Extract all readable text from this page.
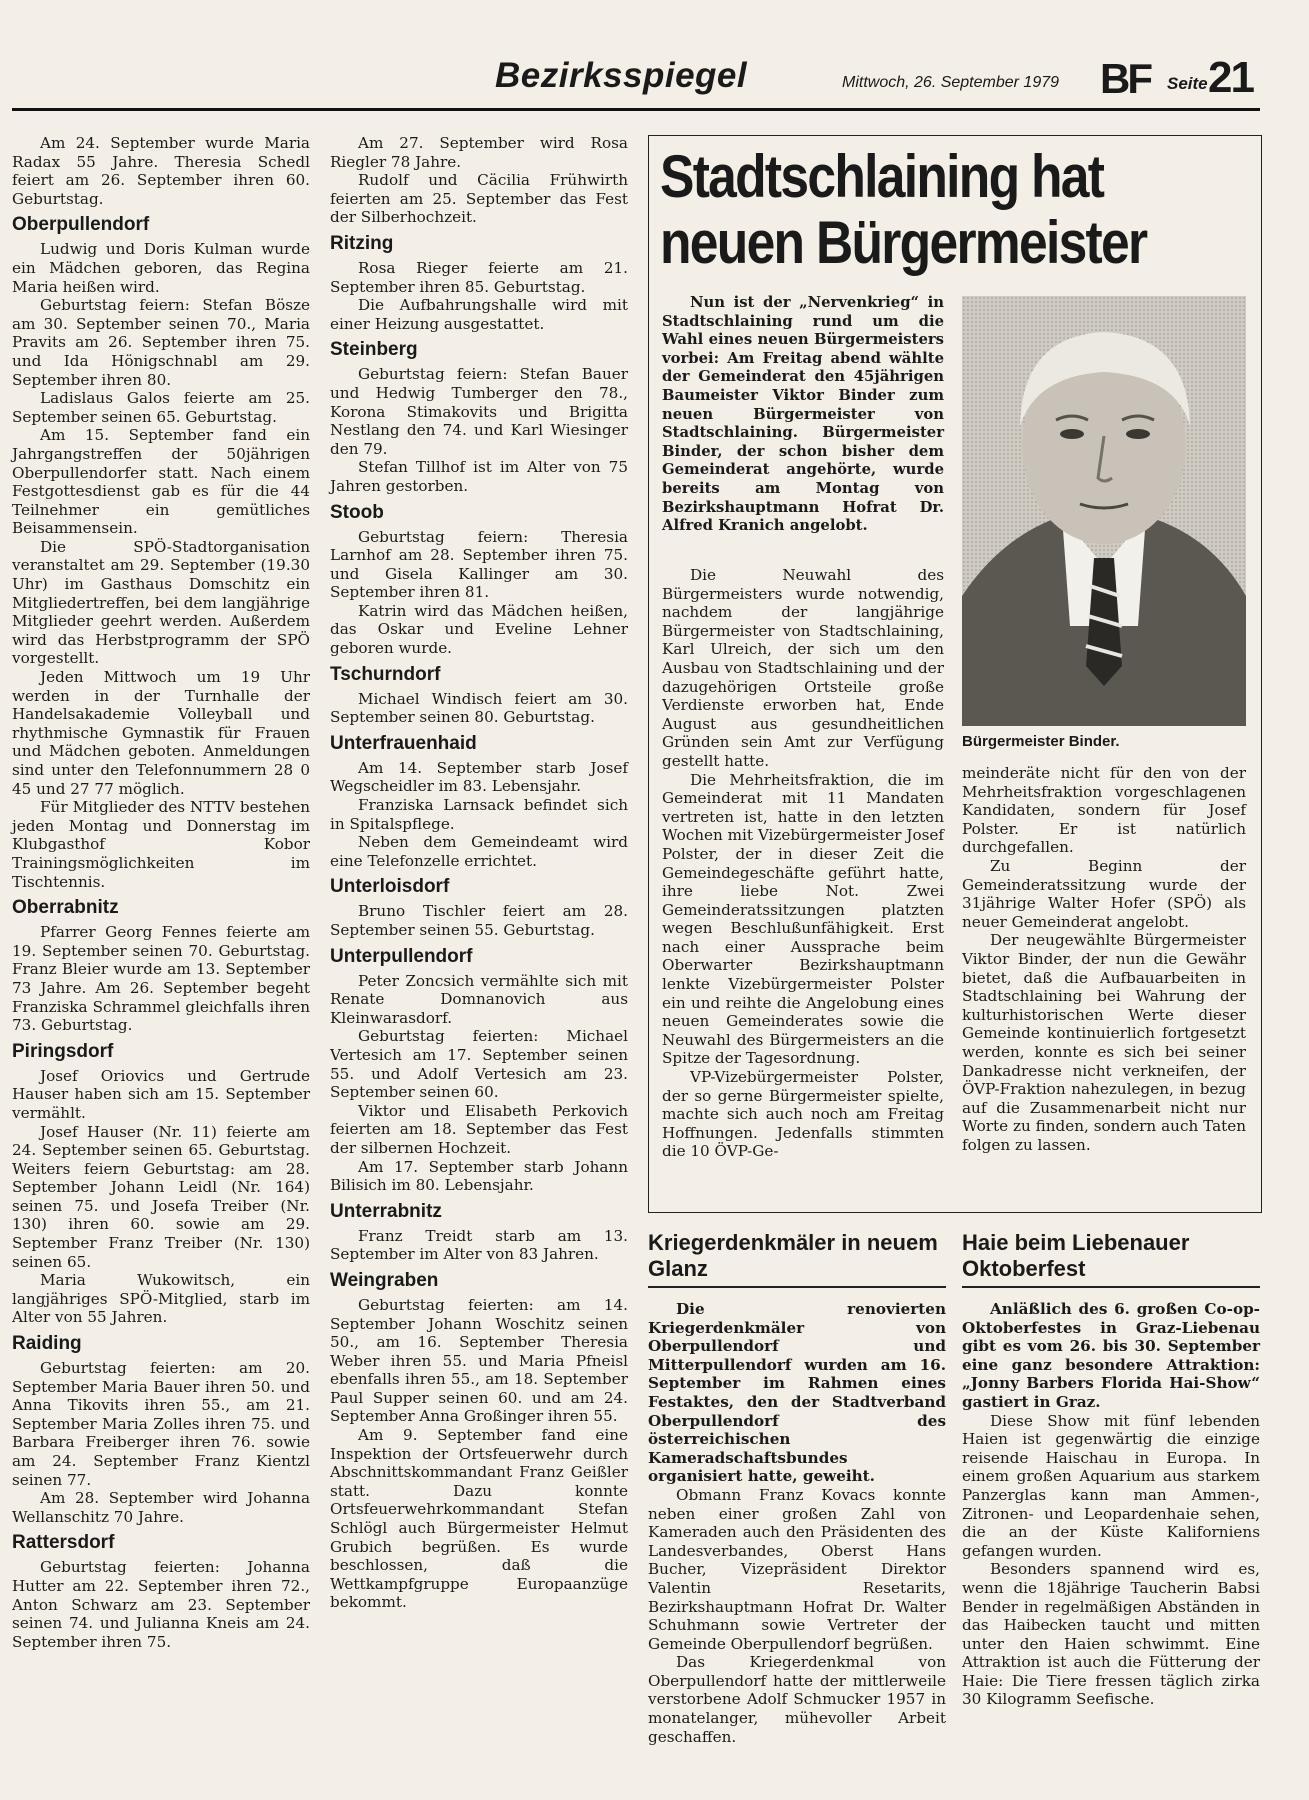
Bezirksspiegel	Mittwoch, 26. September 1979 BF Seite 21

Am 24. September wurde Maria Radax 55 Jahre. Theresia Schedl feiert am 26. September ihren 60. Geburtstag.

Oberpullendorf

Ludwig und Doris Kulman wurde ein Mädchen geboren, das Regina Maria heißen wird.

Geburtstag feiern: Stefan Bösze am 30. September seinen 70., Maria Pravits am 26. September ihren 75. und Ida Hönigschnabl am 29. September ihren 80.

Ladislaus Galos feierte am 25. September seinen 65. Geburtstag.

Am 15. September fand ein Jahrgangstreffen der 50jährigen Oberpullendorfer statt. Nach einem Festgottesdienst gab es für die 44 Teilnehmer ein gemütliches Beisammensein.

Die SPÖ-Stadtorganisation veranstaltet am 29. September (19.30 Uhr) im Gasthaus Domschitz ein Mitgliedertreffen, bei dem langjährige Mitglieder geehrt werden. Außerdem wird das Herbstprogramm der SPÖ vorgestellt.

Jeden Mittwoch um 19 Uhr werden in der Turnhalle der Handelsakademie Volleyball und rhythmische Gymnastik für Frauen und Mädchen geboten. Anmeldungen sind unter den Telefonnummern 28 0 45 und 27 77 möglich.

Für Mitglieder des NTTV bestehen jeden Montag und Donnerstag im Klubgasthof Kobor Trainingsmöglichkeiten im Tischtennis.

Oberrabnitz

Pfarrer Georg Fennes feierte am 19. September seinen 70. Geburtstag. Franz Bleier wurde am 13. September 73 Jahre. Am 26. September begeht Franziska Schrammel gleichfalls ihren 73. Geburtstag.

Piringsdorf

Josef Oriovics und Gertrude Hauser haben sich am 15. September vermählt.

Josef Hauser (Nr. 11) feierte am 24. September seinen 65. Geburtstag. Weiters feiern Geburtstag: am 28. September Johann Leidl (Nr. 164) seinen 75. und Josefa Treiber (Nr. 130) ihren 60. sowie am 29. September Franz Treiber (Nr. 130) seinen 65.

Maria Wukowitsch, ein langjähriges SPÖ-Mitglied, starb im Alter von 55 Jahren.

Raiding

Geburtstag feierten: am 20. September Maria Bauer ihren 50. und Anna Tikovits ihren 55., am 21. September Maria Zolles ihren 75. und Barbara Freiberger ihren 76. sowie am 24. September Franz Kientzl seinen 77.

Am 28. September wird Johanna Wellanschitz 70 Jahre.

Rattersdorf

Geburtstag feierten: Johanna Hutter am 22. September ihren 72., Anton Schwarz am 23. September seinen 74. und Julianna Kneis am 24. September ihren 75.

Am 27. September wird Rosa Riegler 78 Jahre.

Rudolf und Cäcilia Frühwirth feierten am 25. September das Fest der Silberhochzeit.

Ritzing

Rosa Rieger feierte am 21. September ihren 85. Geburtstag.

Die Aufbahrungshalle wird mit einer Heizung ausgestattet.

Steinberg

Geburtstag feiern: Stefan Bauer und Hedwig Tumberger den 78., Korona Stimakovits und Brigitta Nestlang den 74. und Karl Wiesinger den 79.

Stefan Tillhof ist im Alter von 75 Jahren gestorben.

Stoob

Geburtstag feiern: Theresia Larnhof am 28. September ihren 75. und Gisela Kallinger am 30. September ihren 81.

Katrin wird das Mädchen heißen, das Oskar und Eveline Lehner geboren wurde.

Tschurndorf

Michael Windisch feiert am 30. September seinen 80. Geburtstag.

Unterfrauenhaid

Am 14. September starb Josef Wegscheidler im 83. Lebensjahr.

Franziska Larnsack befindet sich in Spitalspflege.

Neben dem Gemeindeamt wird eine Telefonzelle errichtet.

Unterloisdorf

Bruno Tischler feiert am 28. September seinen 55. Geburtstag.

Unterpullendorf

Peter Zoncsich vermählte sich mit Renate Domnanovich aus Kleinwarasdorf.

Geburtstag feierten: Michael Vertesich am 17. September seinen 55. und Adolf Vertesich am 23. September seinen 60.

Viktor und Elisabeth Perkovich feierten am 18. September das Fest der silbernen Hochzeit.

Am 17. September starb Johann Bilisich im 80. Lebensjahr.

Unterrabnitz

Franz Treidt starb am 13. September im Alter von 83 Jahren.

Weingraben

Geburtstag feierten: am 14. September Johann Woschitz seinen 50., am 16. September Theresia Weber ihren 55. und Maria Pfneisl ebenfalls ihren 55., am 18. September Paul Supper seinen 60. und am 24. September Anna Großinger ihren 55.

Am 9. September fand eine Inspektion der Ortsfeuerwehr durch Abschnittskommandant Franz Geißler statt. Dazu konnte Ortsfeuerwehrkommandant Stefan Schlögl auch Bürgermeister Helmut Grubich begrüßen. Es wurde beschlossen, daß die Wettkampfgruppe Europaanzüge bekommt.

Stadtschlaining hat
neuen Bürgermeister
Nun ist der „Nervenkrieg“ in Stadtschlaining rund um die Wahl eines neuen Bürgermeisters vorbei: Am Freitag abend wählte der Gemeinderat den 45jährigen Baumeister Viktor Binder zum neuen Bürgermeister von Stadtschlaining. Bürgermeister Binder, der schon bisher dem Gemeinderat angehörte, wurde bereits am Montag von Bezirkshauptmann Hofrat Dr. Alfred Kranich angelobt.
Bürgermeister Binder.

Die Neuwahl des Bürgermeisters wurde notwendig, nachdem der langjährige Bürgermeister von Stadtschlaining, Karl Ulreich, der sich um den Ausbau von Stadtschlaining und der dazugehörigen Ortsteile große Verdienste erworben hat, Ende August aus gesundheitlichen Gründen sein Amt zur Verfügung gestellt hatte.

Die Mehrheitsfraktion, die im Gemeinderat mit 11 Mandaten vertreten ist, hatte in den letzten Wochen mit Vizebürgermeister Josef Polster, der in dieser Zeit die Gemeindegeschäfte geführt hatte, ihre liebe Not. Zwei Gemeinderatssitzungen platzten wegen Beschlußunfähigkeit. Erst nach einer Aussprache beim Oberwarter Bezirkshauptmann lenkte Vizebürgermeister Polster ein und reihte die Angelobung eines neuen Gemeinderates sowie die Neuwahl des Bürgermeisters an die Spitze der Tagesordnung.

VP-Vizebürgermeister Polster, der so gerne Bürgermeister spielte, machte sich auch noch am Freitag Hoffnungen. Jedenfalls stimmten die 10 ÖVP-Ge-

meinderäte nicht für den von der Mehrheitsfraktion vorgeschlagenen Kandidaten, sondern für Josef Polster. Er ist natürlich durchgefallen.

Zu Beginn der Gemeinderatssitzung wurde der 31jährige Walter Hofer (SPÖ) als neuer Gemeinderat angelobt.

Der neugewählte Bürgermeister Viktor Binder, der nun die Gewähr bietet, daß die Aufbauarbeiten in Stadtschlaining bei Wahrung der kulturhistorischen Werte dieser Gemeinde kontinuierlich fortgesetzt werden, konnte es sich bei seiner Dankadresse nicht verkneifen, der ÖVP-Fraktion nahezulegen, in bezug auf die Zusammenarbeit nicht nur Worte zu finden, sondern auch Taten folgen zu lassen.

Kriegerdenkmäler in neuem Glanz

Die renovierten Kriegerdenkmäler von Oberpullendorf und Mitterpullendorf wurden am 16. September im Rahmen eines Festaktes, den der Stadtverband Oberpullendorf des österreichischen Kameradschaftsbundes organisiert hatte, geweiht.

Obmann Franz Kovacs konnte neben einer großen Zahl von Kameraden auch den Präsidenten des Landesverbandes, Oberst Hans Bucher, Vizepräsident Direktor Valentin Resetarits, Bezirkshauptmann Hofrat Dr. Walter Schuhmann sowie Vertreter der Gemeinde Oberpullendorf begrüßen.

Das Kriegerdenkmal von Oberpullendorf hatte der mittlerweile verstorbene Adolf Schmucker 1957 in monatelanger, mühevoller Arbeit geschaffen.

Haie beim Liebenauer Oktoberfest

Anläßlich des 6. großen Co-op-Oktoberfestes in Graz-Liebenau gibt es vom 26. bis 30. September eine ganz besondere Attraktion: „Jonny Barbers Florida Hai-Show“ gastiert in Graz.

Diese Show mit fünf lebenden Haien ist gegenwärtig die einzige reisende Haischau in Europa. In einem großen Aquarium aus starkem Panzerglas kann man Ammen-, Zitronen- und Leopardenhaie sehen, die an der Küste Kaliforniens gefangen wurden.

Besonders spannend wird es, wenn die 18jährige Taucherin Babsi Bender in regelmäßigen Abständen in das Haibecken taucht und mitten unter den Haien schwimmt. Eine Attraktion ist auch die Fütterung der Haie: Die Tiere fressen täglich zirka 30 Kilogramm Seefische.
